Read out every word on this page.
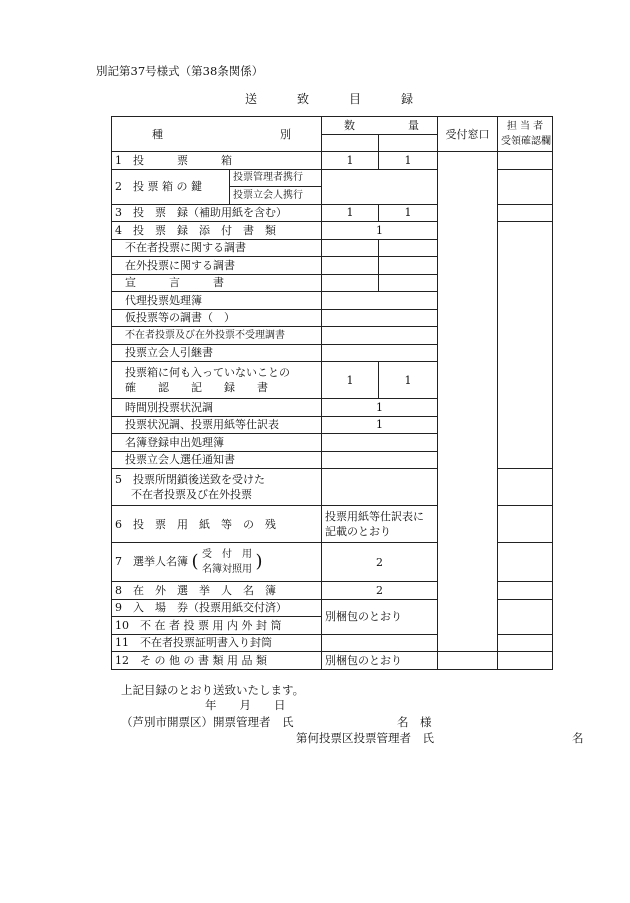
別記第37号様式（第38条関係）
送	致	目	録
種別		数量		受付窓口	担 当 者
受領確認欄

1　投　　　票　　　箱		1	1		
2　投 票 箱 の 鍵	投票管理者携行				
	投票立会人携行				
3　投　票　録（補助用紙を含む）		1	1		
4　投　票　録　添　付　書　類		1			
不在者投票に関する調書					
在外投票に関する調書					
宣　　　言　　　書					
代理投票処理簿					
仮投票等の調書（　）					
不在者投票及び在外投票不受理調書					
投票立会人引継書					

投票箱に何も入っていないことの
確　　認　　記　　録　　書		1	1		
時間別投票状況調		1			
投票状況調、投票用紙等仕訳表		1			
名簿登録申出処理簿					
投票立会人選任通知書					

5　投票所閉鎖後送致を受けた
不在者投票及び在外投票					

6　投　票　用　紙　等　の　残		投票用紙等仕訳表に
記載のとおり			

7　選挙人名簿 ( 受　付　用
名簿対照用 )		2			
8　在　外　選　挙　人　名　簿		2			
9　入　場　券（投票用紙交付済）		別梱包のとおり			
10　不 在 者 投 票 用 内 外 封 筒					
11　不在者投票証明書入り封筒					
12　そ の 他 の 書 類 用 品 類		別梱包のとおり			
上記目録のとおり送致いたします。
年　　月　　日
（芦別市開票区）開票管理者　氏　　　　　　　　　名　様
第何投票区投票管理者　氏　　　　　　　　　　　　名
